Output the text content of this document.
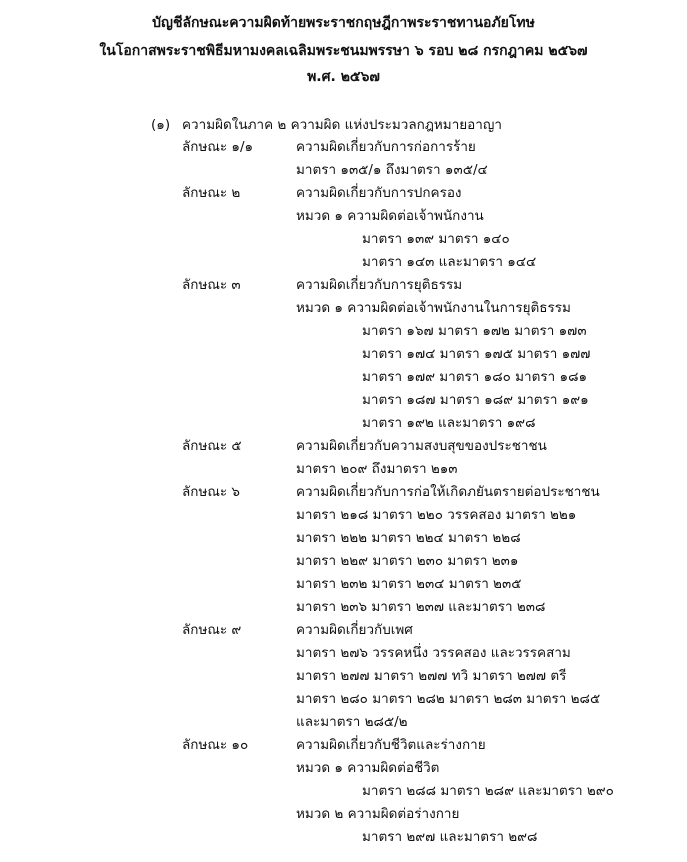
บัญชีลักษณะความผิดท้ายพระราชกฤษฎีกาพระราชทานอภัยโทษ
ในโอกาสพระราชพิธีมหามงคลเฉลิมพระชนมพรรษา ๖ รอบ ๒๘ กรกฎาคม ๒๕๖๗
พ.ศ. ๒๕๖๗
(๑) ความผิดในภาค ๒ ความผิด แห่งประมวลกฎหมายอาญา
ลักษณะ ๑/๑	ความผิดเกี่ยวกับการก่อการร้าย
มาตรา ๑๓๕/๑ ถึงมาตรา ๑๓๕/๔
ลักษณะ ๒	ความผิดเกี่ยวกับการปกครอง
หมวด ๑ ความผิดต่อเจ้าพนักงาน
มาตรา ๑๓๙ มาตรา ๑๔๐
มาตรา ๑๔๓ และมาตรา ๑๔๔
ลักษณะ ๓	ความผิดเกี่ยวกับการยุติธรรม
หมวด ๑ ความผิดต่อเจ้าพนักงานในการยุติธรรม
มาตรา ๑๖๗ มาตรา ๑๗๒ มาตรา ๑๗๓
มาตรา ๑๗๔ มาตรา ๑๗๕ มาตรา ๑๗๗
มาตรา ๑๗๙ มาตรา ๑๘๐ มาตรา ๑๘๑
มาตรา ๑๘๗ มาตรา ๑๘๙ มาตรา ๑๙๑
มาตรา ๑๙๒ และมาตรา ๑๙๘
ลักษณะ ๕	ความผิดเกี่ยวกับความสงบสุขของประชาชน
มาตรา ๒๐๙ ถึงมาตรา ๒๑๓
ลักษณะ ๖	ความผิดเกี่ยวกับการก่อให้เกิดภยันตรายต่อประชาชน
มาตรา ๒๑๘ มาตรา ๒๒๐ วรรคสอง มาตรา ๒๒๑
มาตรา ๒๒๒ มาตรา ๒๒๔ มาตรา ๒๒๘
มาตรา ๒๒๙ มาตรา ๒๓๐ มาตรา ๒๓๑
มาตรา ๒๓๒ มาตรา ๒๓๔ มาตรา ๒๓๕
มาตรา ๒๓๖ มาตรา ๒๓๗ และมาตรา ๒๓๘
ลักษณะ ๙	ความผิดเกี่ยวกับเพศ
มาตรา ๒๗๖ วรรคหนึ่ง วรรคสอง และวรรคสาม
มาตรา ๒๗๗ มาตรา ๒๗๗ ทวิ มาตรา ๒๗๗ ตรี
มาตรา ๒๘๐ มาตรา ๒๘๒ มาตรา ๒๘๓ มาตรา ๒๘๕
และมาตรา ๒๘๕/๒
ลักษณะ ๑๐	ความผิดเกี่ยวกับชีวิตและร่างกาย
หมวด ๑ ความผิดต่อชีวิต
มาตรา ๒๘๘ มาตรา ๒๘๙ และมาตรา ๒๙๐
หมวด ๒ ความผิดต่อร่างกาย
มาตรา ๒๙๗ และมาตรา ๒๙๘
